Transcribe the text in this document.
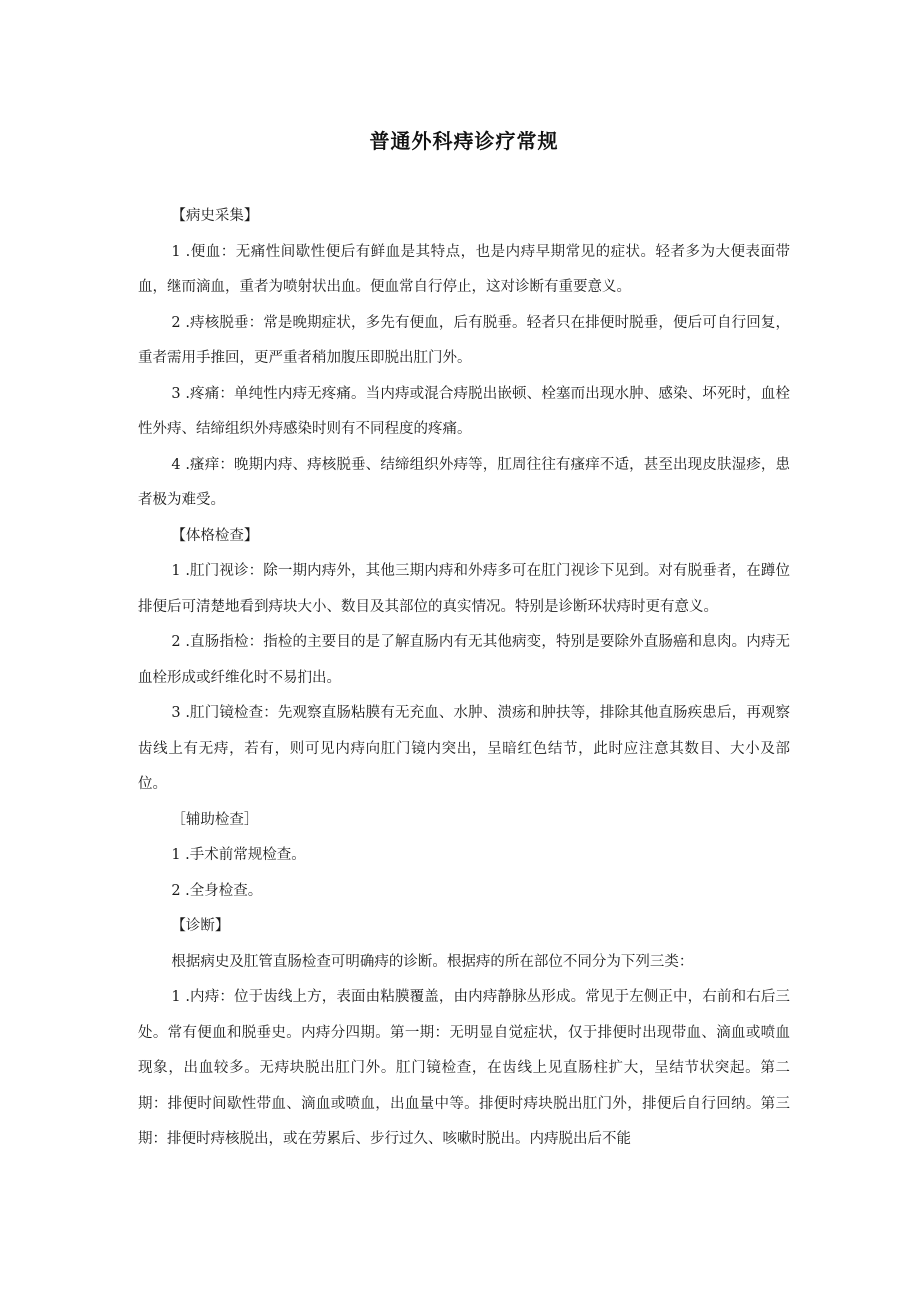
普通外科痔诊疗常规

【病史采集】

1 .便血：无痛性间歇性便后有鲜血是其特点，也是内痔早期常见的症状。轻者多为大便表面带血，继而滴血，重者为喷射状出血。便血常自行停止，这对诊断有重要意义。

2 .痔核脱垂：常是晚期症状，多先有便血，后有脱垂。轻者只在排便时脱垂，便后可自行回复，重者需用手推回，更严重者稍加腹压即脱出肛门外。

3 .疼痛：单纯性内痔无疼痛。当内痔或混合痔脱出嵌顿、栓塞而出现水肿、感染、坏死时，血栓性外痔、结缔组织外痔感染时则有不同程度的疼痛。

4 .瘙痒：晚期内痔、痔核脱垂、结缔组织外痔等，肛周往往有瘙痒不适，甚至出现皮肤湿疹，患者极为难受。

【体格检查】

1 .肛门视诊：除一期内痔外，其他三期内痔和外痔多可在肛门视诊下见到。对有脱垂者，在蹲位排便后可清楚地看到痔块大小、数目及其部位的真实情况。特别是诊断环状痔时更有意义。

2 .直肠指检：指检的主要目的是了解直肠内有无其他病变，特别是要除外直肠癌和息肉。内痔无血栓形成或纤维化时不易扪出。

3 .肛门镜检查：先观察直肠粘膜有无充血、水肿、溃疡和肿扶等，排除其他直肠疾患后，再观察齿线上有无痔，若有，则可见内痔向肛门镜内突出，呈暗红色结节，此时应注意其数目、大小及部位。

［辅助检查］

1 .手术前常规检查。

2 .全身检查。

【诊断】

根据病史及肛管直肠检查可明确痔的诊断。根据痔的所在部位不同分为下列三类：

1 .内痔：位于齿线上方，表面由粘膜覆盖，由内痔静脉丛形成。常见于左侧正中，右前和右后三处。常有便血和脱垂史。内痔分四期。第一期：无明显自觉症状，仅于排便时出现带血、滴血或喷血现象，出血较多。无痔块脱出肛门外。肛门镜检查，在齿线上见直肠柱扩大，呈结节状突起。第二期：排便时间歇性带血、滴血或喷血，出血量中等。排便时痔块脱出肛门外，排便后自行回纳。第三期：排便时痔核脱出，或在劳累后、步行过久、咳嗽时脱出。内痔脱出后不能
